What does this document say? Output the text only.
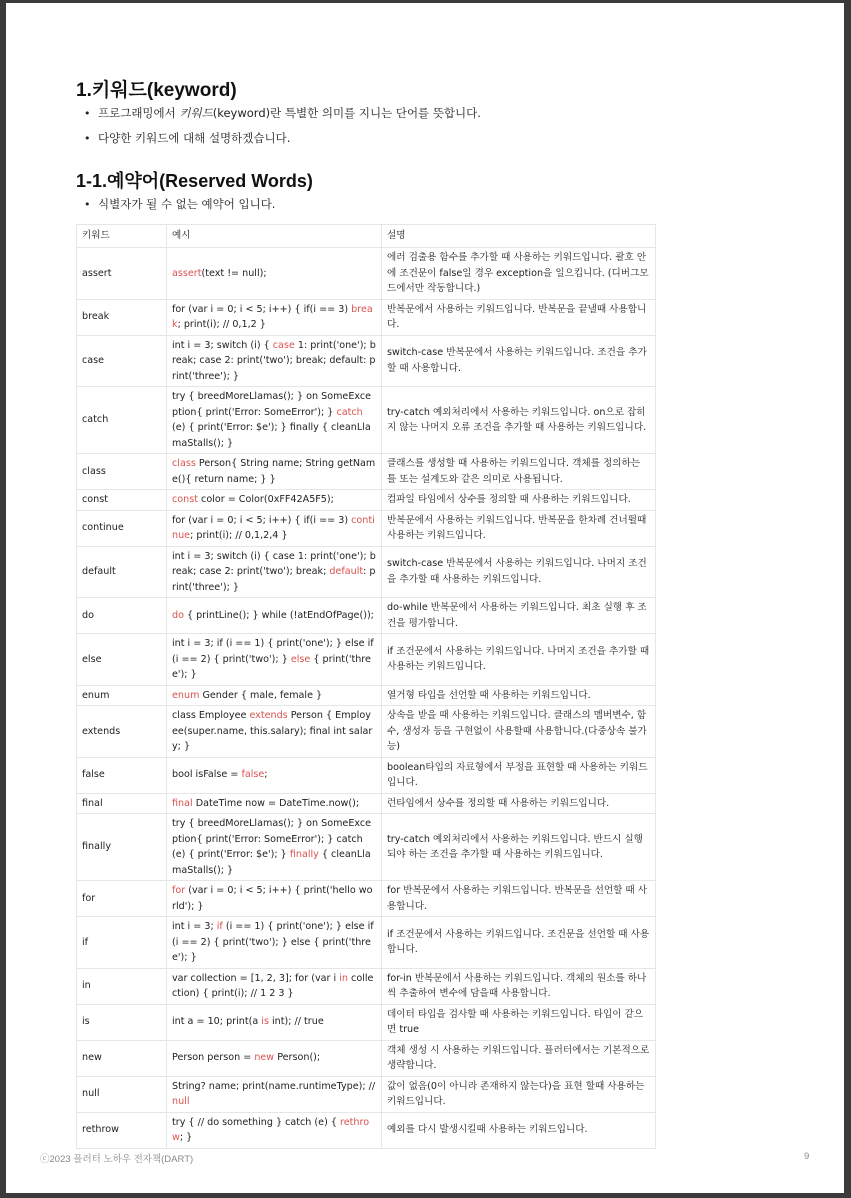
1.키워드(keyword)
• 프로그래밍에서 키워드(keyword)란 특별한 의미를 지니는 단어를 뜻합니다.
• 다양한 키워드에 대해 설명하겠습니다.
1-1.예약어(Reserved Words)
• 식별자가 될 수 없는 예약어 입니다.
키워드	예시	설명
assert	assert(text != null);	에러 검출용 함수를 추가할 때 사용하는 키워드입니다. 괄호 안에 조건문이 false일 경우 exception을 일으킵니다. (디버그모드에서만 작동합니다.)
break	for (var i = 0; i < 5; i++) { if(i == 3) break; print(i); // 0,1,2 }	반복문에서 사용하는 키워드입니다. 반복문을 끝낼때 사용합니다.
case	int i = 3; switch (i) { case 1: print('one'); break; case 2: print('two'); break; default: print('three'); }	switch-case 반복문에서 사용하는 키워드입니다. 조건을 추가할 때 사용합니다.
catch	try { breedMoreLlamas(); } on SomeException{ print('Error: SomeError'); } catch (e) { print('Error: $e'); } finally { cleanLlamaStalls(); }	try-catch 예외처리에서 사용하는 키워드입니다. on으로 잡히지 않는 나머지 오류 조건을 추가할 때 사용하는 키워드입니다.
class	class Person{ String name; String getName(){ return name; } }	클래스를 생성할 때 사용하는 키워드입니다. 객체를 정의하는 틀 또는 설계도와 같은 의미로 사용됩니다.
const	const color = Color(0xFF42A5F5);	컴파일 타임에서 상수를 정의할 때 사용하는 키워드입니다.
continue	for (var i = 0; i < 5; i++) { if(i == 3) continue; print(i); // 0,1,2,4 }	반복문에서 사용하는 키워드입니다. 반복문을 한차례 건너뛸때 사용하는 키워드입니다.
default	int i = 3; switch (i) { case 1: print('one'); break; case 2: print('two'); break; default: print('three'); }	switch-case 반복문에서 사용하는 키워드입니다. 나머지 조건을 추가할 때 사용하는 키워드입니다.
do	do { printLine(); } while (!atEndOfPage());	do-while 반복문에서 사용하는 키워드입니다. 최초 실행 후 조건을 평가합니다.
else	int i = 3; if (i == 1) { print('one'); } else if (i == 2) { print('two'); } else { print('three'); }	if 조건문에서 사용하는 키워드입니다. 나머지 조건을 추가할 때 사용하는 키워드입니다.
enum	enum Gender { male, female }	열거형 타입을 선언할 때 사용하는 키워드입니다.
extends	class Employee extends Person { Employee(super.name, this.salary); final int salary; }	상속을 받을 때 사용하는 키워드입니다. 클래스의 멤버변수, 함수, 생성자 등을 구현없이 사용할때 사용합니다.(다중상속 불가능)
false	bool isFalse = false;	boolean타입의 자료형에서 부정을 표현할 때 사용하는 키워드입니다.
final	final DateTime now = DateTime.now();	런타임에서 상수를 정의할 때 사용하는 키워드입니다.
finally	try { breedMoreLlamas(); } on SomeException{ print('Error: SomeError'); } catch (e) { print('Error: $e'); } finally { cleanLlamaStalls(); }	try-catch 예외처리에서 사용하는 키워드입니다. 반드시 실행되야 하는 조건을 추가할 때 사용하는 키워드입니다.
for	for (var i = 0; i < 5; i++) { print('hello world'); }	for 반복문에서 사용하는 키워드입니다. 반복문을 선언할 때 사용합니다.
if	int i = 3; if (i == 1) { print('one'); } else if (i == 2) { print('two'); } else { print('three'); }	if 조건문에서 사용하는 키워드입니다. 조건문을 선언할 때 사용합니다.
in	var collection = [1, 2, 3]; for (var i in collection) { print(i); // 1 2 3 }	for-in 반복문에서 사용하는 키워드입니다. 객체의 원소를 하나씩 추출하여 변수에 담을때 사용합니다.
is	int a = 10; print(a is int); // true	데이터 타입을 검사할 때 사용하는 키워드입니다. 타입이 같으면 true
new	Person person = new Person();	객체 생성 시 사용하는 키워드입니다. 플러터에서는 기본적으로 생략합니다.
null	String? name; print(name.runtimeType); // null	값이 없음(0이 아니라 존재하지 않는다)을 표현 할때 사용하는 키워드입니다.
rethrow	try { // do something } catch (e) { rethrow; }	예외를 다시 발생시킬때 사용하는 키워드입니다.
ⓒ2023 플러터 노하우 전자책(DART)	9
